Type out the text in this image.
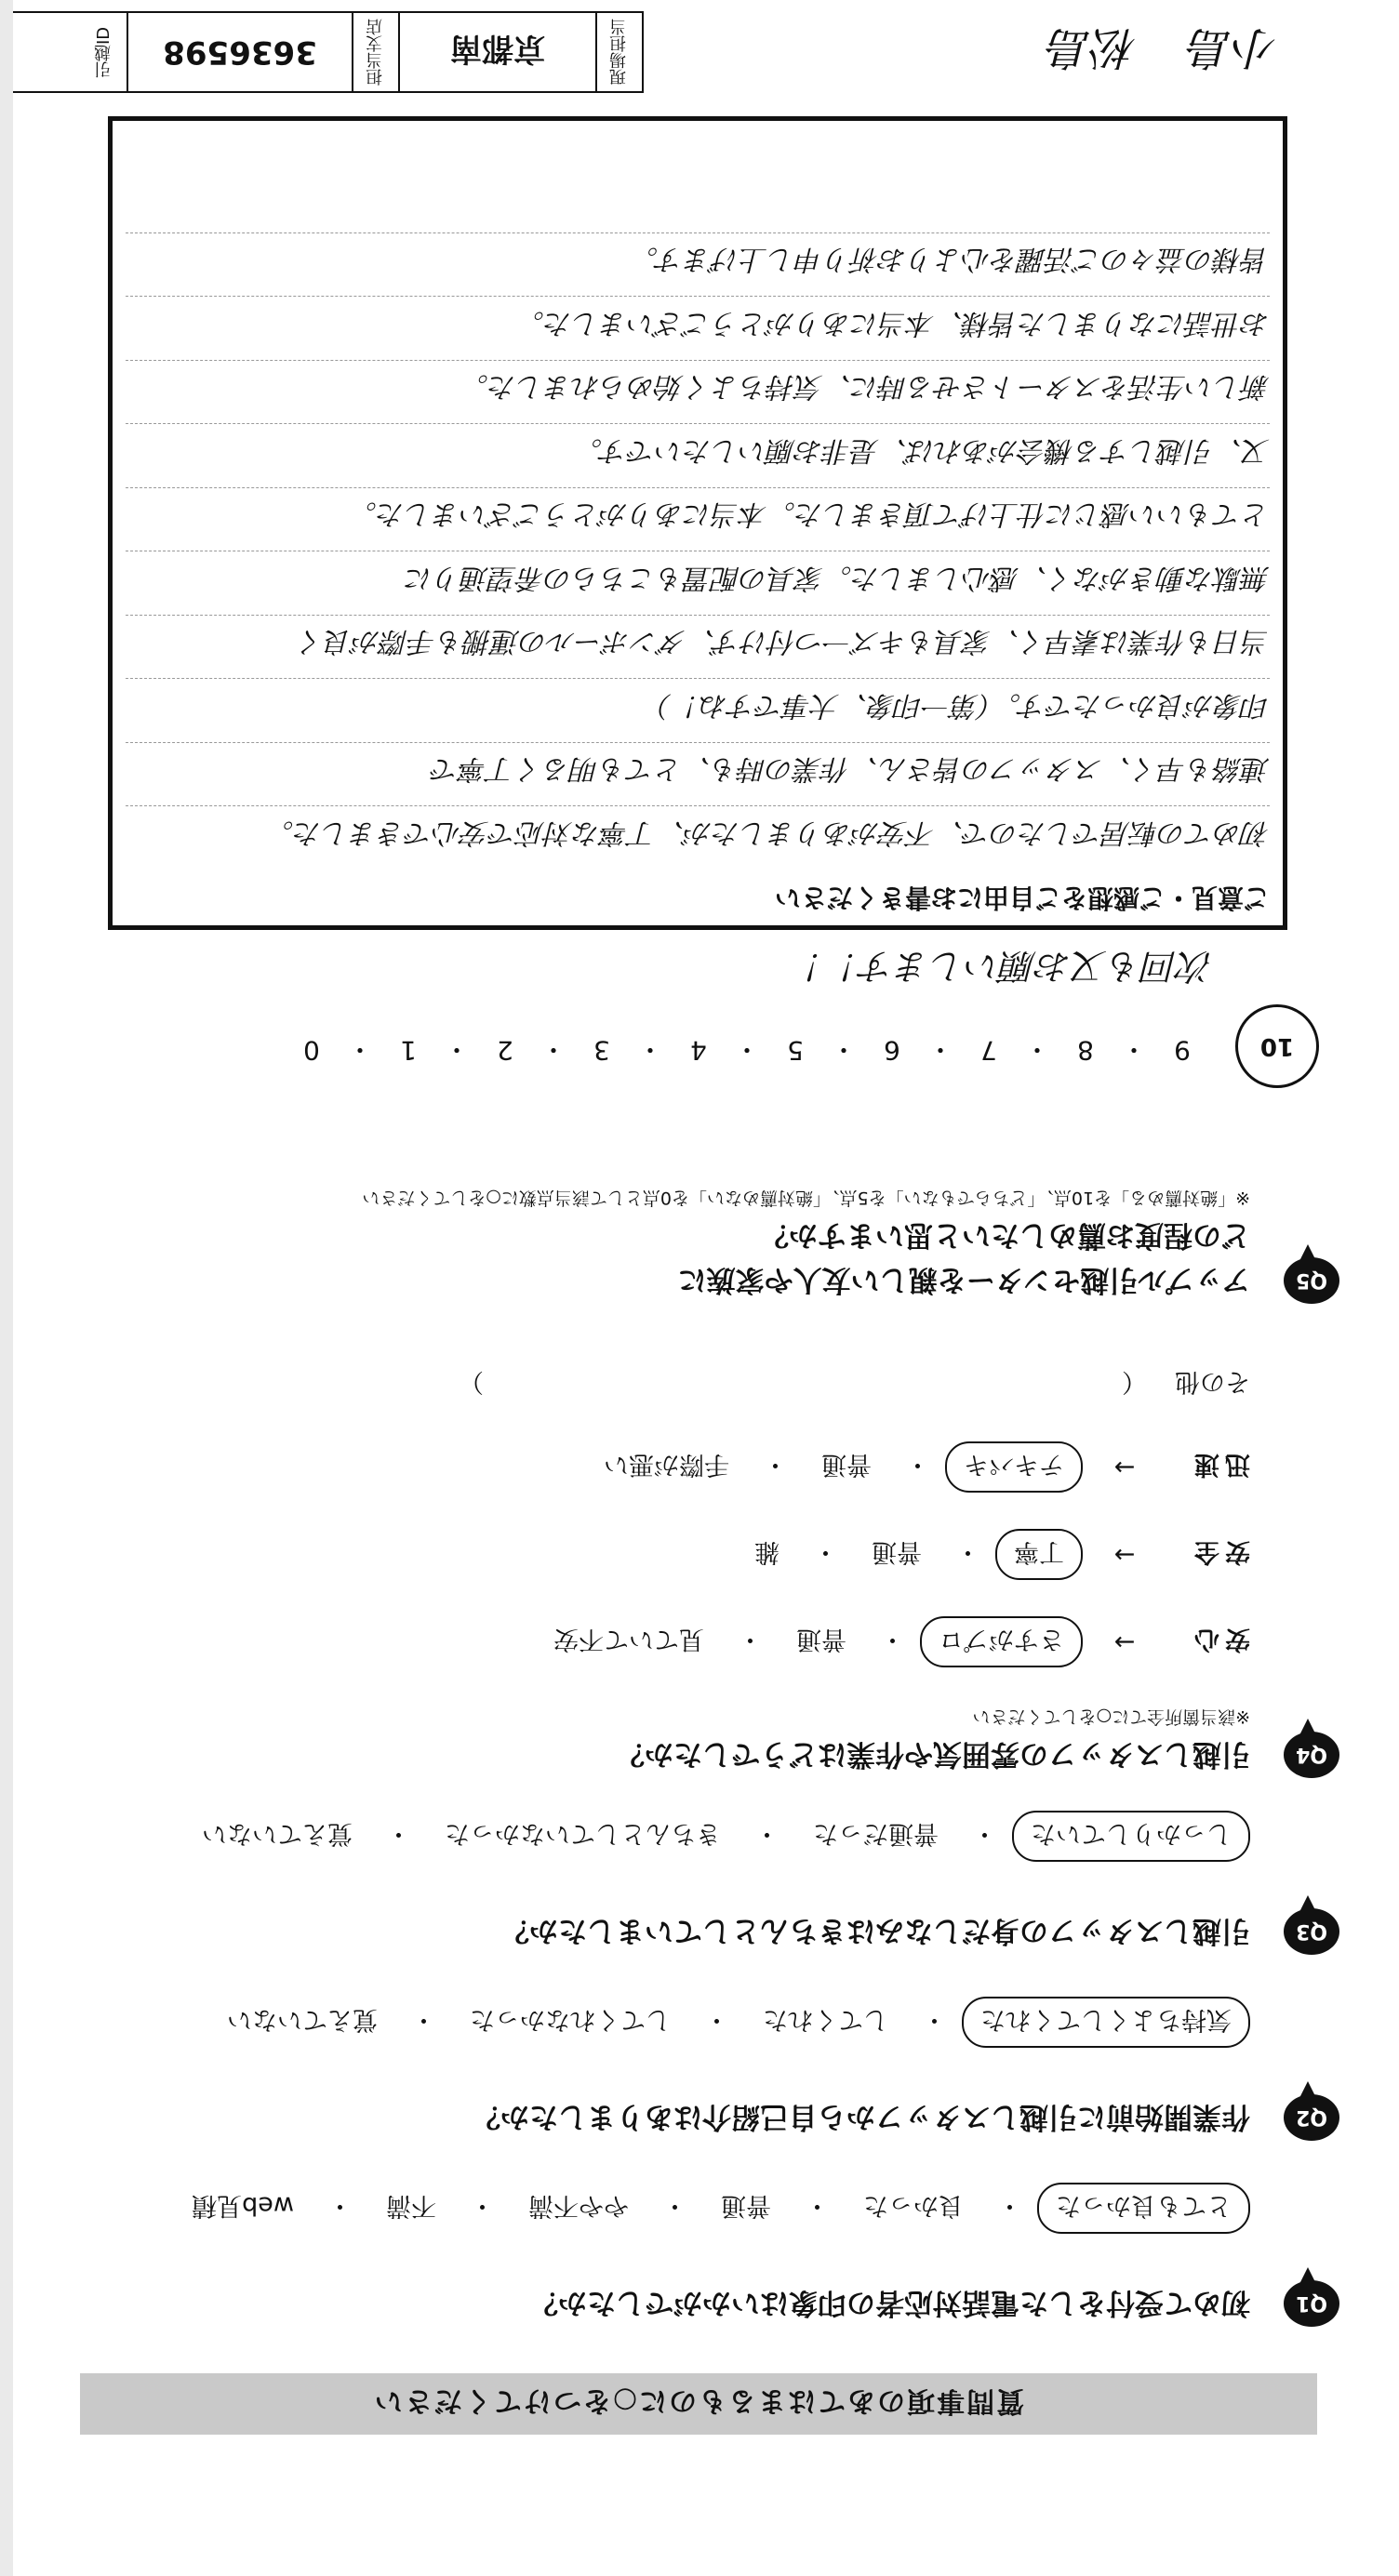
質問事項のあてはまるものに○をつけてください
Q1
初めて受付をした電話対応者の印象はいかがでしたか？
とても良かった
・
良かった
・
普通
・
やや不満
・
不満
・
web見積
Q2
作業開始前に引越しスタッフから自己紹介はありましたか？
気持ちよくしてくれた
・
してくれた
・
してくれなかった
・
覚えていない
Q3
引越しスタッフの身だしなみはきちんとしていましたか？
しっかりしていた
・
普通だった
・
きちんとしていなかった
・
覚えていない
Q4
引越しスタッフの雰囲気や作業はどうでしたか？
※該当箇所全てに○をしてください
安心
→
さすがプロ
・
普通
・
見ていて不安
安全
→
丁寧
・
普通
・
雑
迅速
→
テキパキ
・
普通
・
手際が悪い
その他
（
）
Q5
アップル引越センターを親しい友人や家族に
どの程度お薦めしたいと思いますか？
※「絶対薦める」を10点、「どちらでもない」を5点、「絶対薦めない」を0点として該当点数に○をしてください
10
9
・
8
・
7
・
6
・
5
・
4
・
3
・
2
・
1
・
0
次回も又お願いします！！
ご意見・ご感想をご自由にお書きください
初めての転居でしたので、不安がありましたが、丁寧な対応で安心できました。
連絡も早く、スタッフの皆さん、作業の時も、とても明るく丁寧で
印象が良かったです。（第一印象、大事ですね！）
当日も作業は素早く、家具もキズ一つ付けず、ダンボールの運搬も手際が良く
無駄な動きがなく、感心しました。家具の配置もこちらの希望通りに
とてもいい感じに仕上げて頂きました。本当にありがとうございました。
又、引越しする機会があれば、是非お願いしたいです。
新しい生活をスタートさせる時に、気持ちよく始められました。
お世話になりました皆様、本当にありがとうございました。
皆様の益々のご活躍を心よりお祈り申し上げます。
小島 松島
現場担当
京都南
担当支店
3636598
引越ID
